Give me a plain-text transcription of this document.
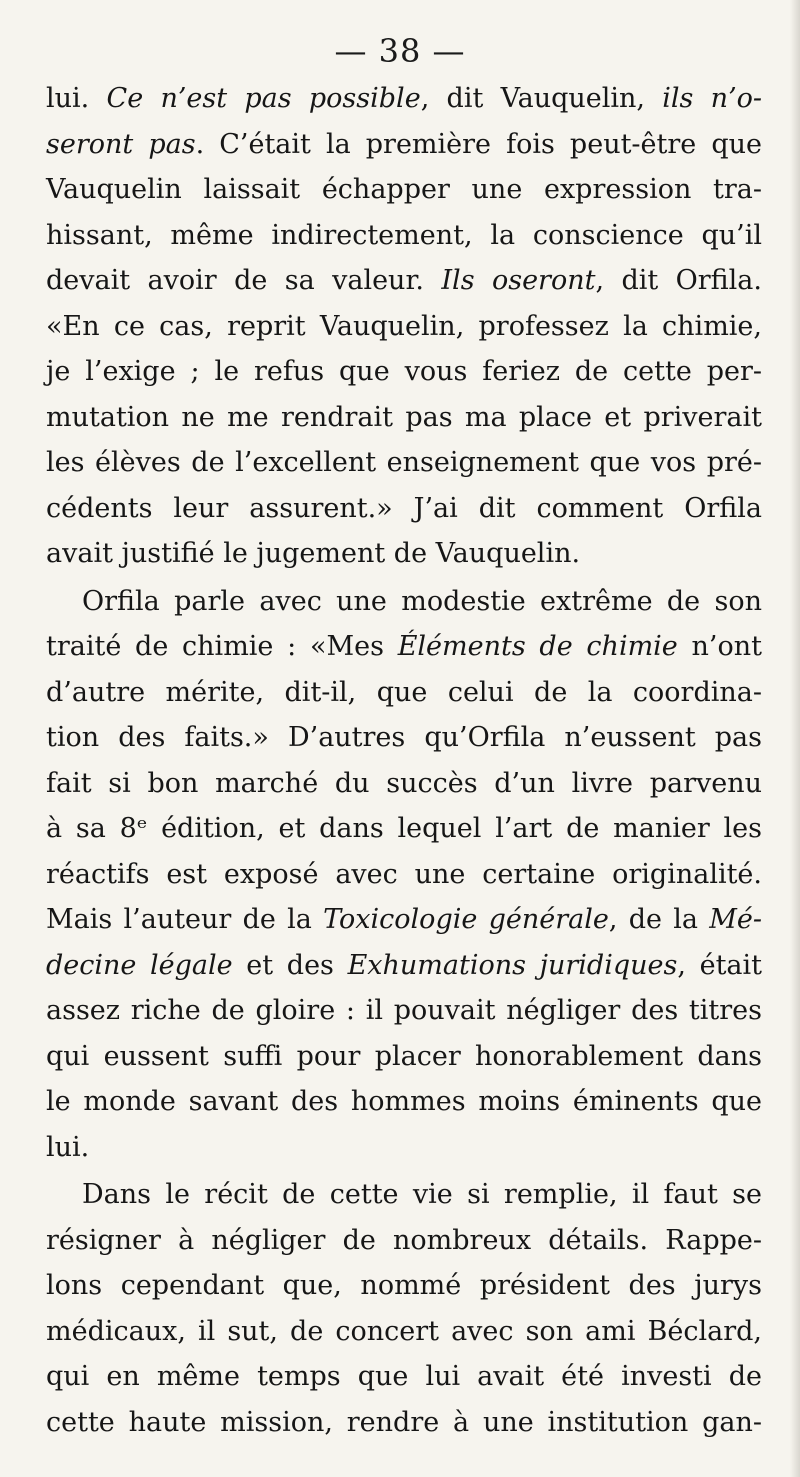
— 38 —
lui. Ce n’est pas possible, dit Vauquelin, ils n’o-
seront pas. C’était la première fois peut-être que
Vauquelin laissait échapper une expression tra-
hissant, même indirectement, la conscience qu’il
devait avoir de sa valeur. Ils oseront, dit Orfila.
«En ce cas, reprit Vauquelin, professez la chimie,
je l’exige ; le refus que vous feriez de cette per-
mutation ne me rendrait pas ma place et priverait
les élèves de l’excellent enseignement que vos pré-
cédents leur assurent.» J’ai dit comment Orfila
avait justifié le jugement de Vauquelin.
Orfila parle avec une modestie extrême de son
traité de chimie : «Mes Éléments de chimie n’ont
d’autre mérite, dit-il, que celui de la coordina-
tion des faits.» D’autres qu’Orfila n’eussent pas
fait si bon marché du succès d’un livre parvenu
à sa 8ᵉ édition, et dans lequel l’art de manier les
réactifs est exposé avec une certaine originalité.
Mais l’auteur de la Toxicologie générale, de la Mé-
decine légale et des Exhumations juridiques, était
assez riche de gloire : il pouvait négliger des titres
qui eussent suffi pour placer honorablement dans
le monde savant des hommes moins éminents que
lui.
Dans le récit de cette vie si remplie, il faut se
résigner à négliger de nombreux détails. Rappe-
lons cependant que, nommé président des jurys
médicaux, il sut, de concert avec son ami Béclard,
qui en même temps que lui avait été investi de
cette haute mission, rendre à une institution gan-
